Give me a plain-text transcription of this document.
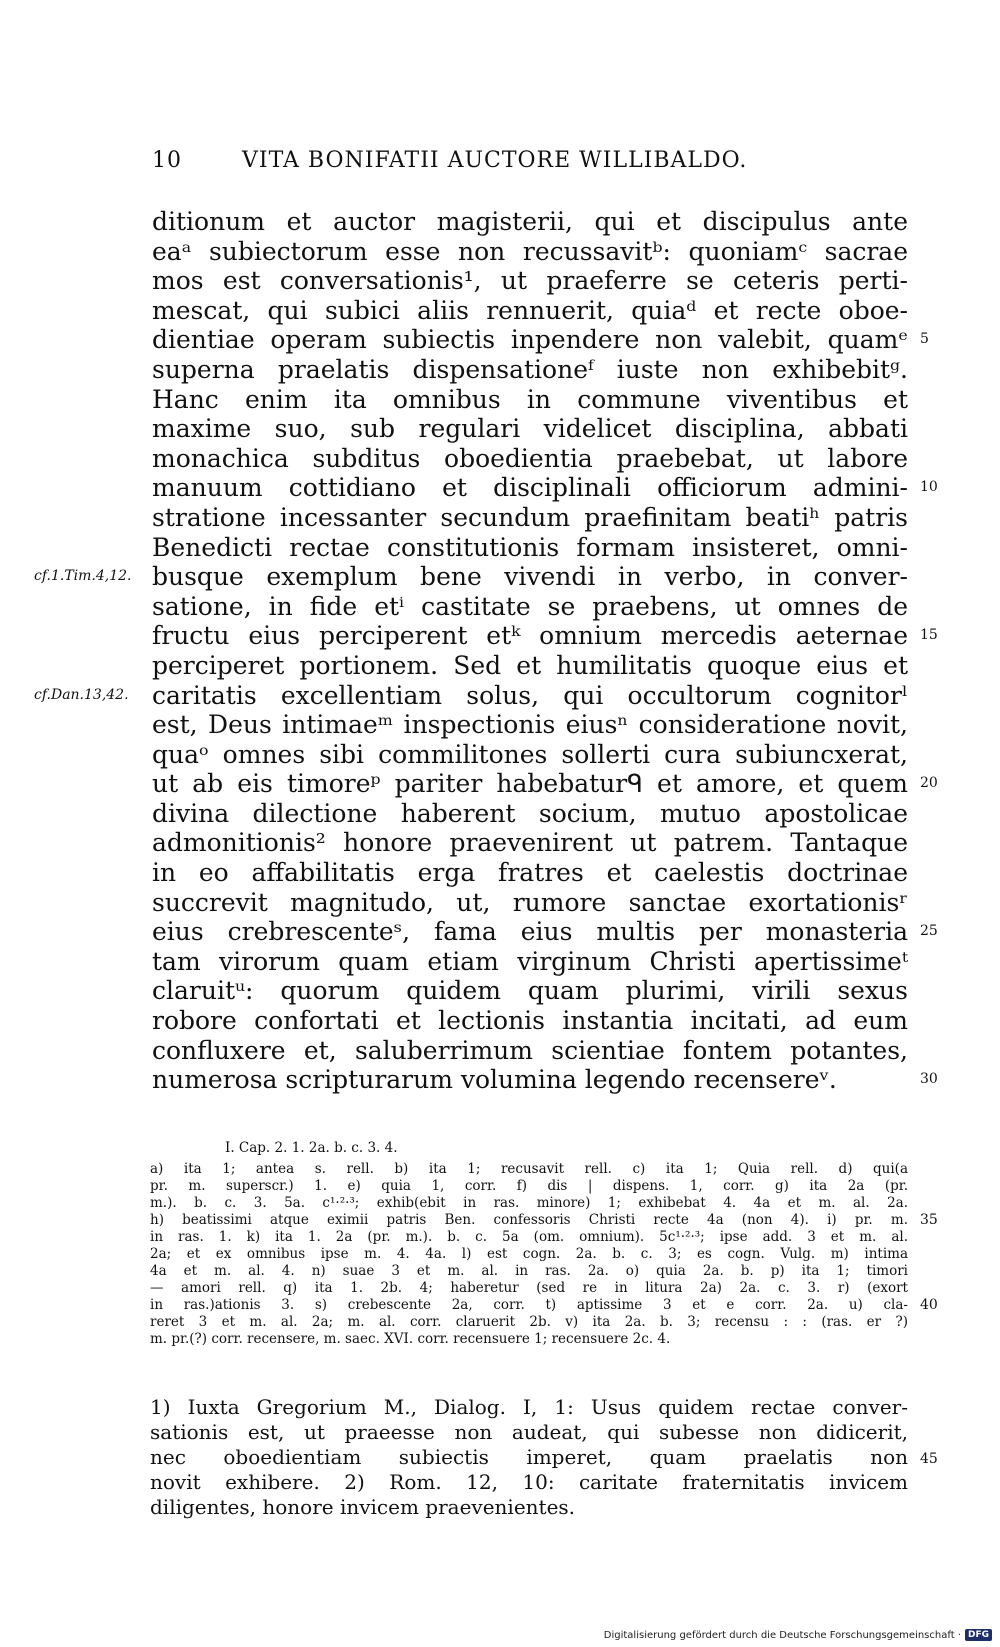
10	VITA BONIFATII AUCTORE WILLIBALDO.
ditionum et auctor magisterii, qui et discipulus ante
eaᵃ subiectorum esse non recussavitᵇ: quoniamᶜ sacrae
mos est conversationis¹, ut praeferre se ceteris perti-
mescat, qui subici aliis rennuerit, quiaᵈ et recte oboe-
dientiae operam subiectis inpendere non valebit, quamᵉ 5
superna praelatis dispensationeᶠ iuste non exhibebitᵍ.
Hanc enim ita omnibus in commune viventibus et
maxime suo, sub regulari videlicet disciplina, abbati
monachica subditus oboedientia praebebat, ut labore
manuum cottidiano et disciplinali officiorum admini- 10
stratione incessanter secundum praefinitam beatiʰ patris
Benedicti rectae constitutionis formam insisteret, omni-
cf.1.Tim.4,12. busque exemplum bene vivendi in verbo, in conver-
satione, in fide etⁱ castitate se praebens, ut omnes de
fructu eius perciperent etᵏ omnium mercedis aeternae 15
perciperet portionem. Sed et humilitatis quoque eius et
cf.Dan.13,42. caritatis excellentiam solus, qui occultorum cognitorˡ
est, Deus intimaeᵐ inspectionis eiusⁿ consideratione novit,
quaᵒ omnes sibi commilitones sollerti cura subiuncxerat,
ut ab eis timoreᵖ pariter habebaturᑫ et amore, et quem 20
divina dilectione haberent socium, mutuo apostolicae
admonitionis² honore praevenirent ut patrem. Tantaque
in eo affabilitatis erga fratres et caelestis doctrinae
succrevit magnitudo, ut, rumore sanctae exortationisʳ
eius crebrescenteˢ, fama eius multis per monasteria 25
tam virorum quam etiam virginum Christi apertissimeᵗ
claruitᵘ: quorum quidem quam plurimi, virili sexus
robore confortati et lectionis instantia incitati, ad eum
confluxere et, saluberrimum scientiae fontem potantes,
numerosa scripturarum volumina legendo recensereᵛ.	30
I. Cap. 2. 1. 2a. b. c. 3. 4.
a) ita 1; antea s. rell. b) ita 1; recusavit rell. c) ita 1; Quia rell. d) qui(a
pr. m. superscr.) 1. e) quia 1, corr. f) dis | dispens. 1, corr. g) ita 2a (pr.
m.). b. c. 3. 5a. c¹·²·³; exhib(ebit in ras. minore) 1; exhibebat 4. 4a et m. al. 2a.
h) beatissimi atque eximii patris Ben. confessoris Christi recte 4a (non 4). i) pr. m. 35
in ras. 1. k) ita 1. 2a (pr. m.). b. c. 5a (om. omnium). 5c¹·²·³; ipse add. 3 et m. al.
2a; et ex omnibus ipse m. 4. 4a. l) est cogn. 2a. b. c. 3; es cogn. Vulg. m) intima
4a et m. al. 4. n) suae 3 et m. al. in ras. 2a. o) quia 2a. b. p) ita 1; timori
— amori rell. q) ita 1. 2b. 4; haberetur (sed re in litura 2a) 2a. c. 3. r) (exort
in ras.)ationis 3. s) crebescente 2a, corr. t) aptissime 3 et e corr. 2a. u) cla- 40
reret 3 et m. al. 2a; m. al. corr. claruerit 2b. v) ita 2a. b. 3; recensu : : (ras. er ?)
m. pr.(?) corr. recensere, m. saec. XVI. corr. recensuere 1; recensuere 2c. 4.
1) Iuxta Gregorium M., Dialog. I, 1: Usus quidem rectae conver-
sationis est, ut praeesse non audeat, qui subesse non didicerit,
nec oboedientiam subiectis imperet, quam praelatis non 45
novit exhibere. 2) Rom. 12, 10: caritate fraternitatis invicem
diligentes, honore invicem praevenientes.
Digitalisierung gefördert durch die Deutsche Forschungsgemeinschaft · DFG
